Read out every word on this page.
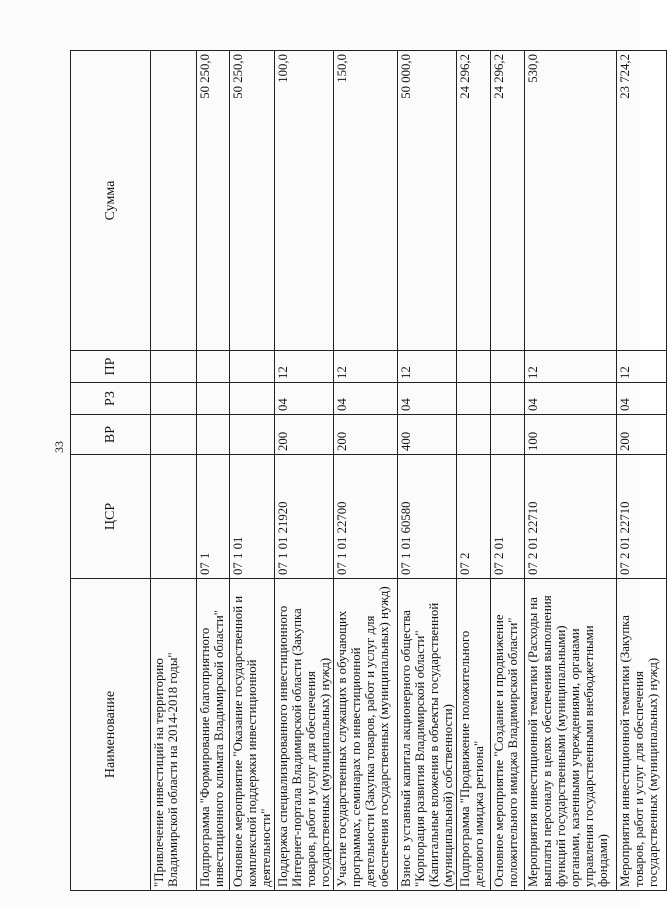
33
Наименование	ЦСР	ВР	РЗ	ПР	Сумма
"Привлечение инвестиций на территорию Владимирской области на 2014-2018 годы"					
Подпрограмма "Формирование благоприятного инвестиционного климата Владимирской области"	07 1				50 250,0
Основное мероприятие "Оказание государственной и комплексной поддержки инвестиционной деятельности"	07 1 01				50 250,0
Поддержка специализированного инвестиционного Интернет-портала Владимирской области (Закупка товаров, работ и услуг для обеспечения государственных (муниципальных) нужд)	07 1 01 21920	200	04	12	100,0
Участие государственных служащих в обучающих программах, семинарах по инвестиционной деятельности (Закупка товаров, работ и услуг для обеспечения государственных (муниципальных) нужд)	07 1 01 22700	200	04	12	150,0
Взнос в уставный капитал акционерного общества "Корпорация развития Владимирской области" (Капитальные вложения в объекты государственной (муниципальной) собственности)	07 1 01 60580	400	04	12	50 000,0
Подпрограмма "Продвижение положительного делового имиджа региона"	07 2				24 296,2
Основное мероприятие "Создание и продвижение положительного имиджа Владимирской области"	07 2 01				24 296,2
Мероприятия инвестиционной тематики (Расходы на выплаты персоналу в целях обеспечения выполнения функций государственными (муниципальными) органами, казенными учреждениями, органами управления государственными внебюджетными фондами)	07 2 01 22710	100	04	12	530,0
Мероприятия инвестиционной тематики (Закупка товаров, работ и услуг для обеспечения государственных (муниципальных) нужд)	07 2 01 22710	200	04	12	23 724,2
